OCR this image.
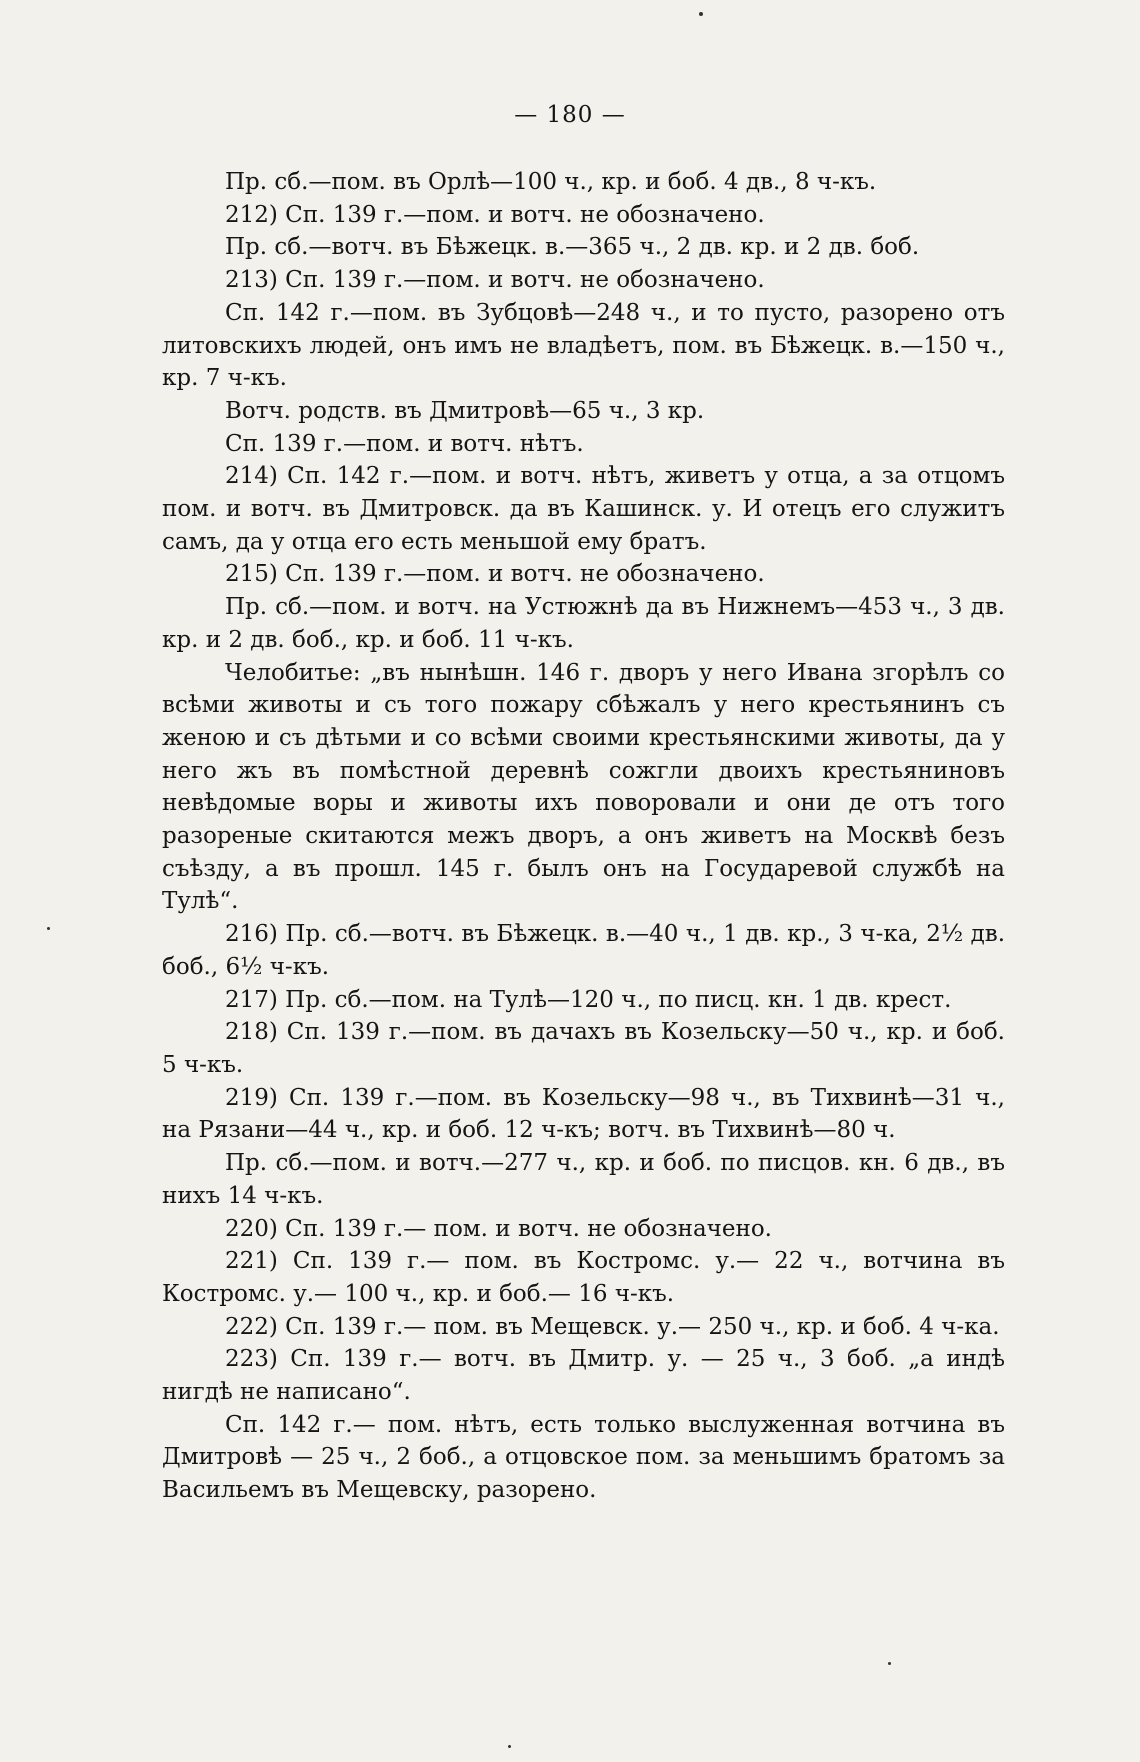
— 180 —

Пр. сб.—пом. въ Орлѣ—100 ч., кр. и боб. 4 дв., 8 ч-къ.

212) Сп. 139 г.—пом. и вотч. не обозначено.

Пр. сб.—вотч. въ Бѣжецк. в.—365 ч., 2 дв. кр. и 2 дв. боб.

213) Сп. 139 г.—пом. и вотч. не обозначено.

Сп. 142 г.—пом. въ Зубцовѣ—248 ч., и то пусто, разорено отъ литовскихъ людей, онъ имъ не владѣетъ, пом. въ Бѣжецк. в.—150 ч., кр. 7 ч-къ.

Вотч. родств. въ Дмитровѣ—65 ч., 3 кр.

Сп. 139 г.—пом. и вотч. нѣтъ.

214) Сп. 142 г.—пом. и вотч. нѣтъ, живетъ у отца, а за отцомъ пом. и вотч. въ Дмитровск. да въ Кашинск. у. И отецъ его служитъ самъ, да у отца его есть меньшой ему братъ.

215) Сп. 139 г.—пом. и вотч. не обозначено.

Пр. сб.—пом. и вотч. на Устюжнѣ да въ Нижнемъ—453 ч., 3 дв. кр. и 2 дв. боб., кр. и боб. 11 ч-къ.

Челобитье: „въ нынѣшн. 146 г. дворъ у него Ивана згорѣлъ со всѣми животы и съ того пожару сбѣжалъ у него крестьянинъ съ женою и съ дѣтьми и со всѣми своими крестьянскими животы, да у него жъ въ помѣстной деревнѣ сожгли двоихъ крестьяниновъ невѣдомые воры и животы ихъ поворовали и они де отъ того разореные скитаются межъ дворъ, а онъ живетъ на Москвѣ безъ съѣзду, а въ прошл. 145 г. былъ онъ на Государевой службѣ на Тулѣ“.

216) Пр. сб.—вотч. въ Бѣжецк. в.—40 ч., 1 дв. кр., 3 ч-ка, 2½ дв. боб., 6½ ч-къ.

217) Пр. сб.—пом. на Тулѣ—120 ч., по писц. кн. 1 дв. крест.

218) Сп. 139 г.—пом. въ дачахъ въ Козельску—50 ч., кр. и боб. 5 ч-къ.

219) Сп. 139 г.—пом. въ Козельску—98 ч., въ Тихвинѣ—31 ч., на Рязани—44 ч., кр. и боб. 12 ч-къ; вотч. въ Тихвинѣ—80 ч.

Пр. сб.—пом. и вотч.—277 ч., кр. и боб. по писцов. кн. 6 дв., въ нихъ 14 ч-къ.

220) Сп. 139 г.— пом. и вотч. не обозначено.

221) Сп. 139 г.— пом. въ Костромс. у.— 22 ч., вотчина въ Костромс. у.— 100 ч., кр. и боб.— 16 ч-къ.

222) Сп. 139 г.— пом. въ Мещевск. у.— 250 ч., кр. и боб. 4 ч-ка.

223) Сп. 139 г.— вотч. въ Дмитр. у. — 25 ч., 3 боб. „а индѣ нигдѣ не написано“.

Сп. 142 г.— пом. нѣтъ, есть только выслуженная вотчина въ Дмитровѣ — 25 ч., 2 боб., а отцовское пом. за меньшимъ братомъ за Васильемъ въ Мещевску, разорено.
